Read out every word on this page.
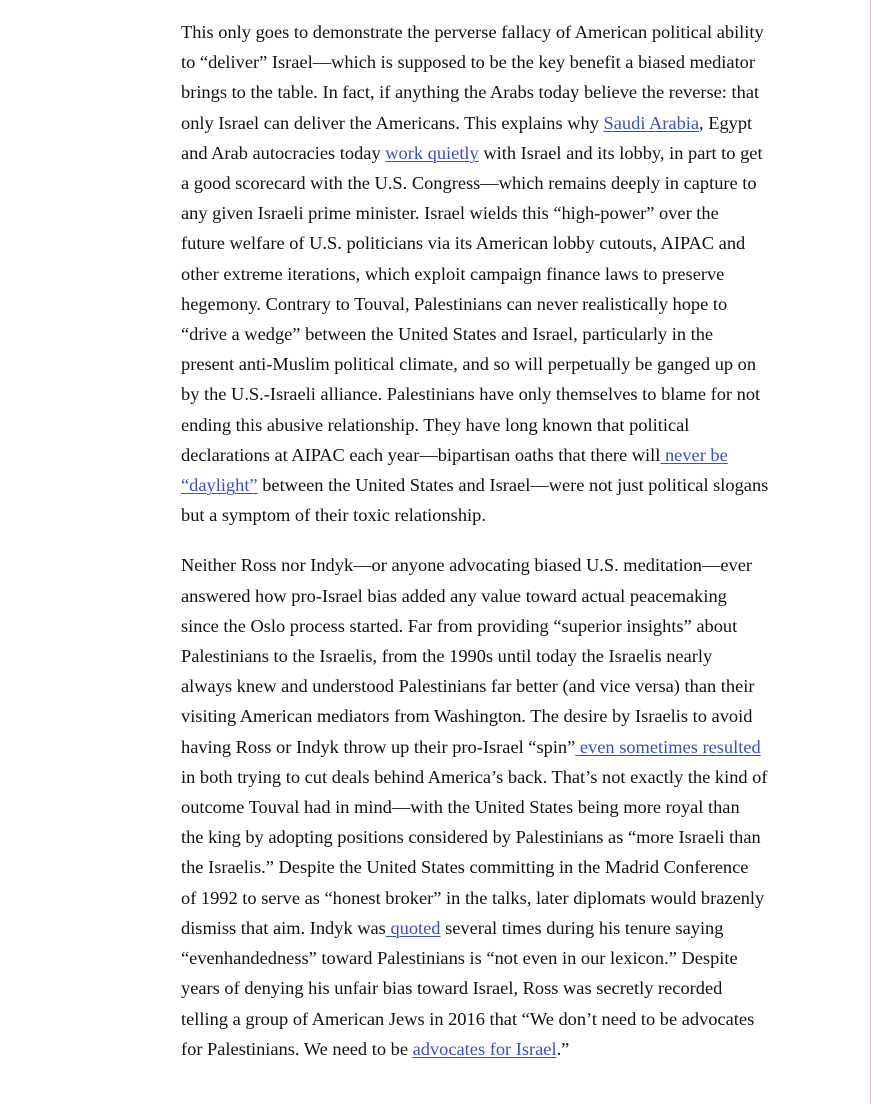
This only goes to demonstrate the perverse fallacy of American political ability
to “deliver” Israel—which is supposed to be the key benefit a biased mediator
brings to the table. In fact, if anything the Arabs today believe the reverse: that
only Israel can deliver the Americans. This explains why Saudi Arabia, Egypt
and Arab autocracies today work quietly with Israel and its lobby, in part to get
a good scorecard with the U.S. Congress—which remains deeply in capture to
any given Israeli prime minister. Israel wields this “high-power” over the
future welfare of U.S. politicians via its American lobby cutouts, AIPAC and
other extreme iterations, which exploit campaign finance laws to preserve
hegemony. Contrary to Touval, Palestinians can never realistically hope to
“drive a wedge” between the United States and Israel, particularly in the
present anti-Muslim political climate, and so will perpetually be ganged up on
by the U.S.-Israeli alliance. Palestinians have only themselves to blame for not
ending this abusive relationship. They have long known that political
declarations at AIPAC each year—bipartisan oaths that there will never be
“daylight” between the United States and Israel—were not just political slogans
but a symptom of their toxic relationship.

Neither Ross nor Indyk—or anyone advocating biased U.S. meditation—ever
answered how pro-Israel bias added any value toward actual peacemaking
since the Oslo process started. Far from providing “superior insights” about
Palestinians to the Israelis, from the 1990s until today the Israelis nearly
always knew and understood Palestinians far better (and vice versa) than their
visiting American mediators from Washington. The desire by Israelis to avoid
having Ross or Indyk throw up their pro-Israel “spin” even sometimes resulted
in both trying to cut deals behind America’s back. That’s not exactly the kind of
outcome Touval had in mind—with the United States being more royal than
the king by adopting positions considered by Palestinians as “more Israeli than
the Israelis.” Despite the United States committing in the Madrid Conference
of 1992 to serve as “honest broker” in the talks, later diplomats would brazenly
dismiss that aim. Indyk was quoted several times during his tenure saying
“evenhandedness” toward Palestinians is “not even in our lexicon.” Despite
years of denying his unfair bias toward Israel, Ross was secretly recorded
telling a group of American Jews in 2016 that “We don’t need to be advocates
for Palestinians. We need to be advocates for Israel.”
